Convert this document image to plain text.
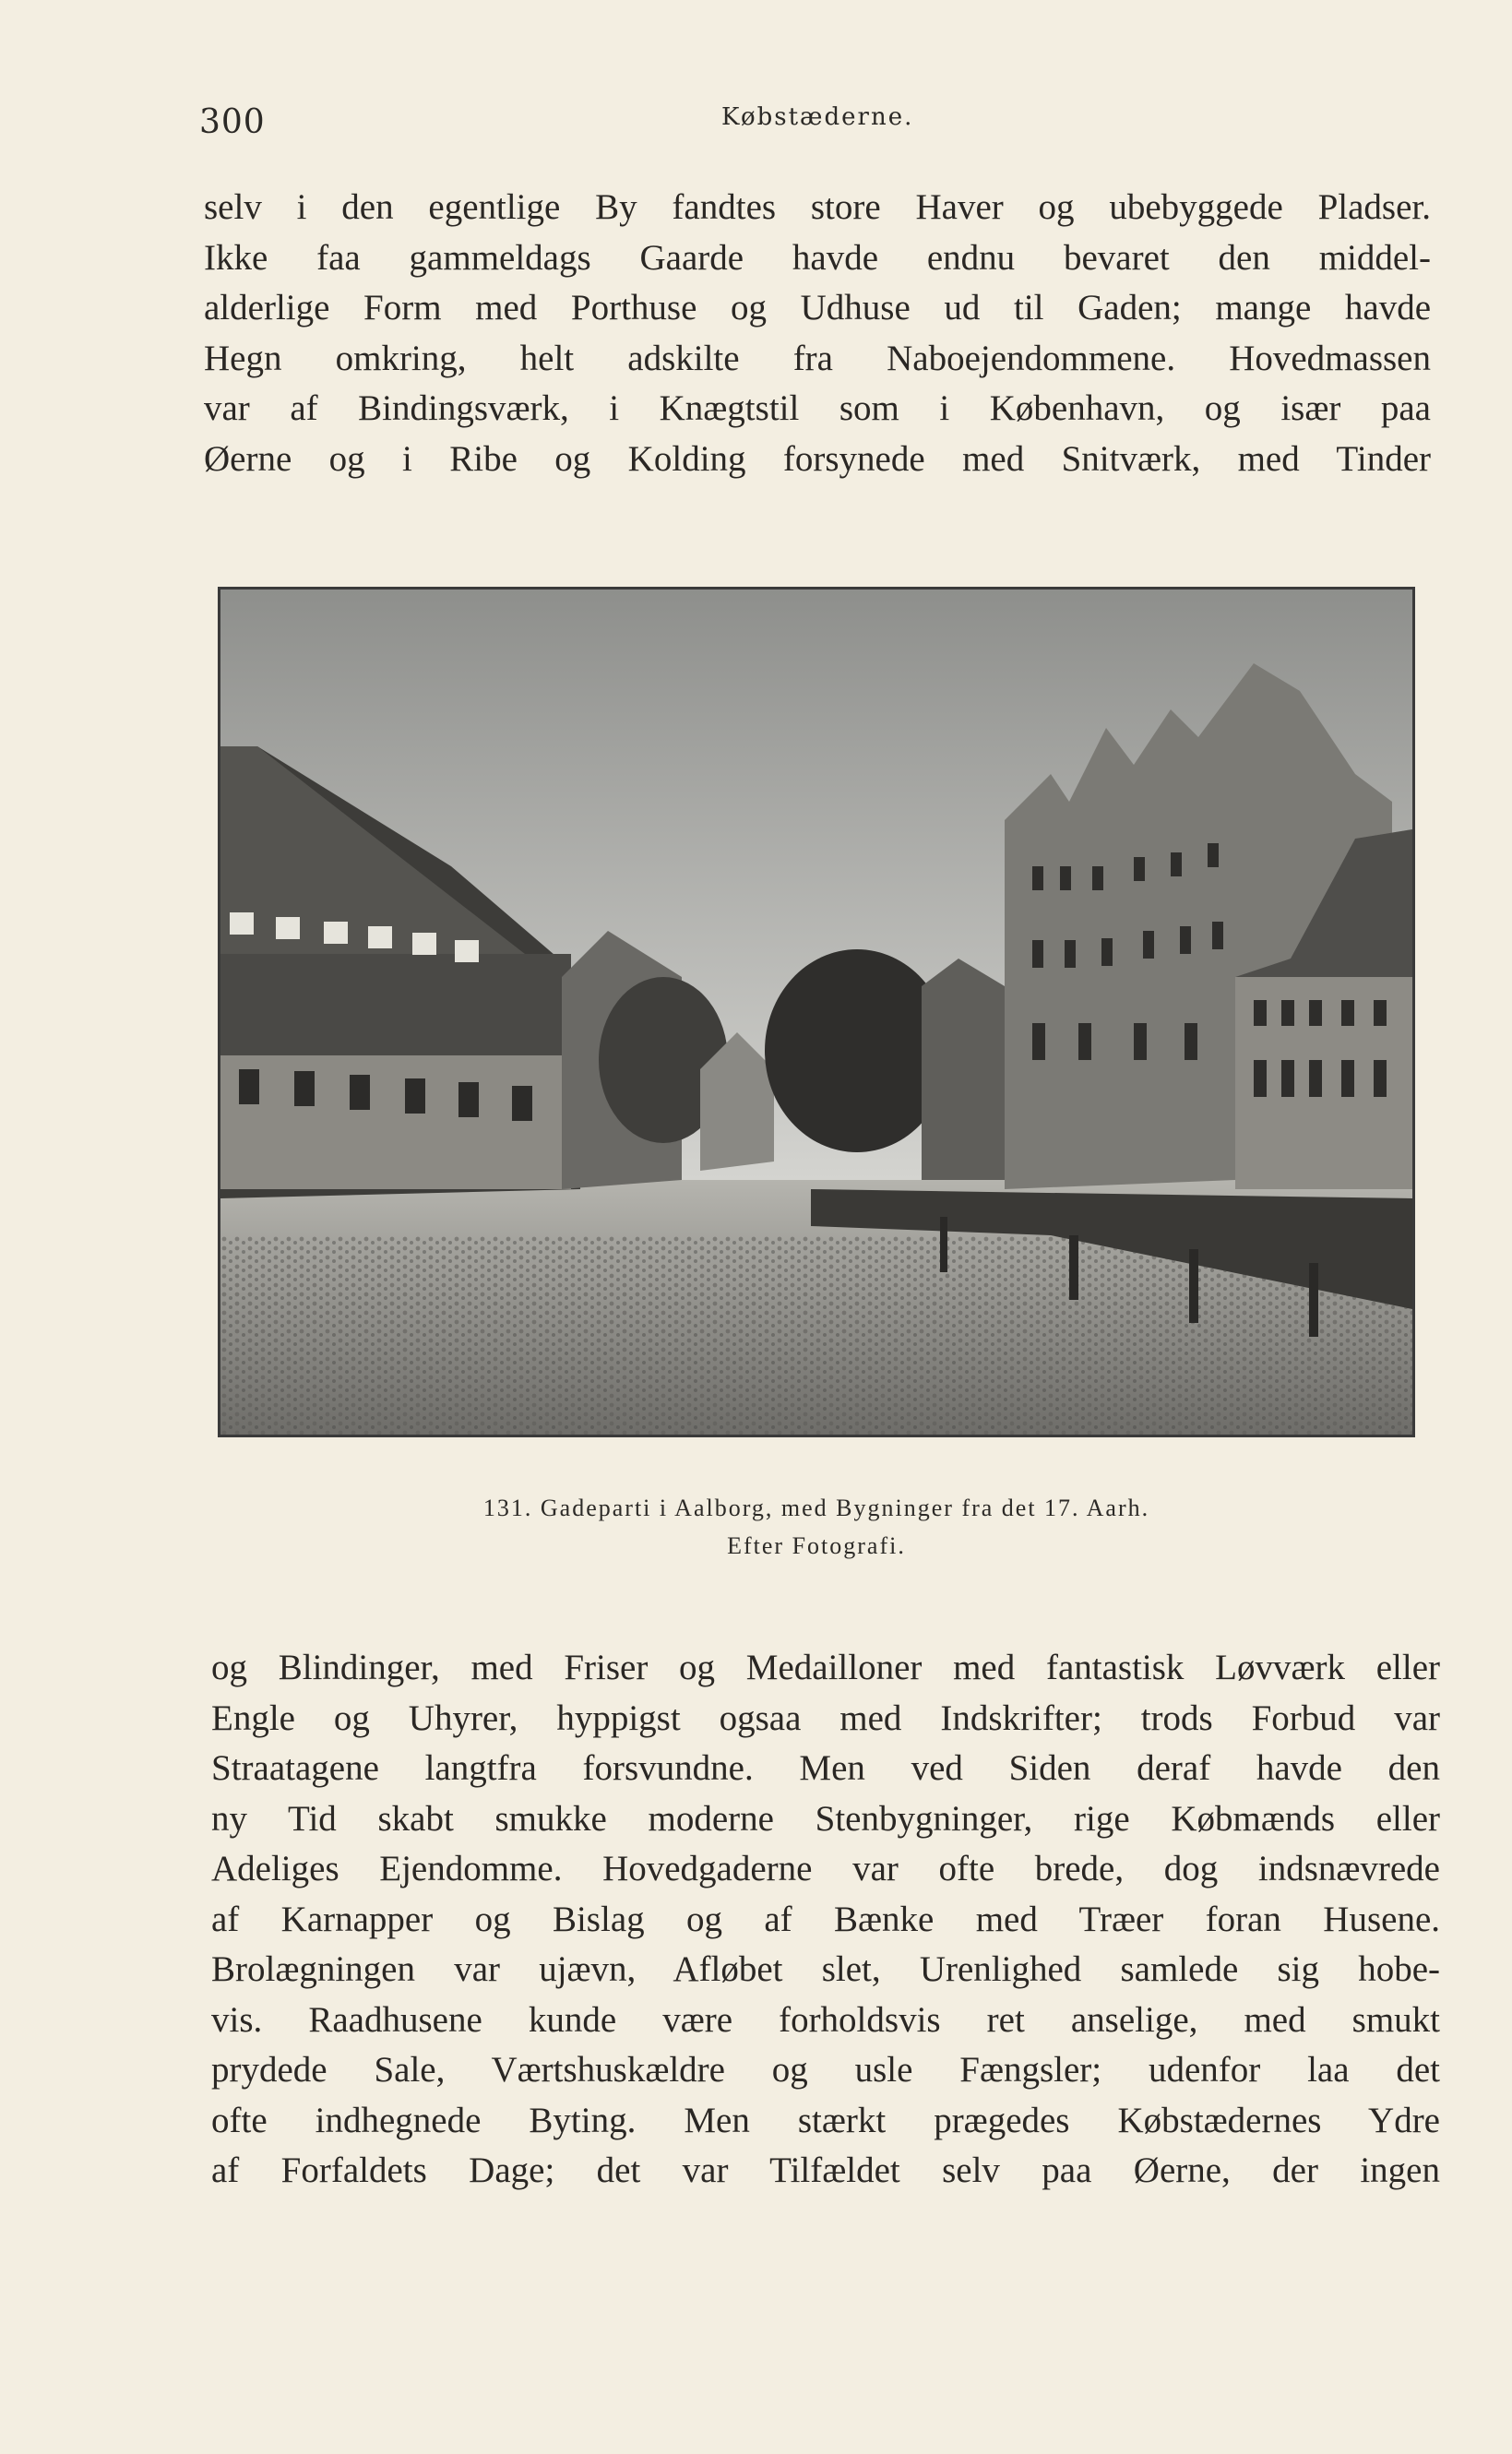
300	Købstæderne.

selv i den egentlige By fandtes store Haver og ubebyggede Pladser.
Ikke faa gammeldags Gaarde havde endnu bevaret den middel-
alderlige Form med Porthuse og Udhuse ud til Gaden; mange havde
Hegn omkring, helt adskilte fra Naboejendommene. Hovedmassen
var af Bindingsværk, i Knægtstil som i København, og især paa
Øerne og i Ribe og Kolding forsynede med Snitværk, med Tinder

131. Gadeparti i Aalborg, med Bygninger fra det 17. Aarh.
Efter Fotografi.

og Blindinger, med Friser og Medailloner med fantastisk Løvværk eller
Engle og Uhyrer, hyppigst ogsaa med Indskrifter; trods Forbud var
Straatagene langtfra forsvundne. Men ved Siden deraf havde den
ny Tid skabt smukke moderne Stenbygninger, rige Købmænds eller
Adeliges Ejendomme. Hovedgaderne var ofte brede, dog indsnævrede
af Karnapper og Bislag og af Bænke med Træer foran Husene.
Brolægningen var ujævn, Afløbet slet, Urenlighed samlede sig hobe-
vis. Raadhusene kunde være forholdsvis ret anselige, med smukt
prydede Sale, Værtshuskældre og usle Fængsler; udenfor laa det
ofte indhegnede Byting. Men stærkt prægedes Købstædernes Ydre
af Forfaldets Dage; det var Tilfældet selv paa Øerne, der ingen
